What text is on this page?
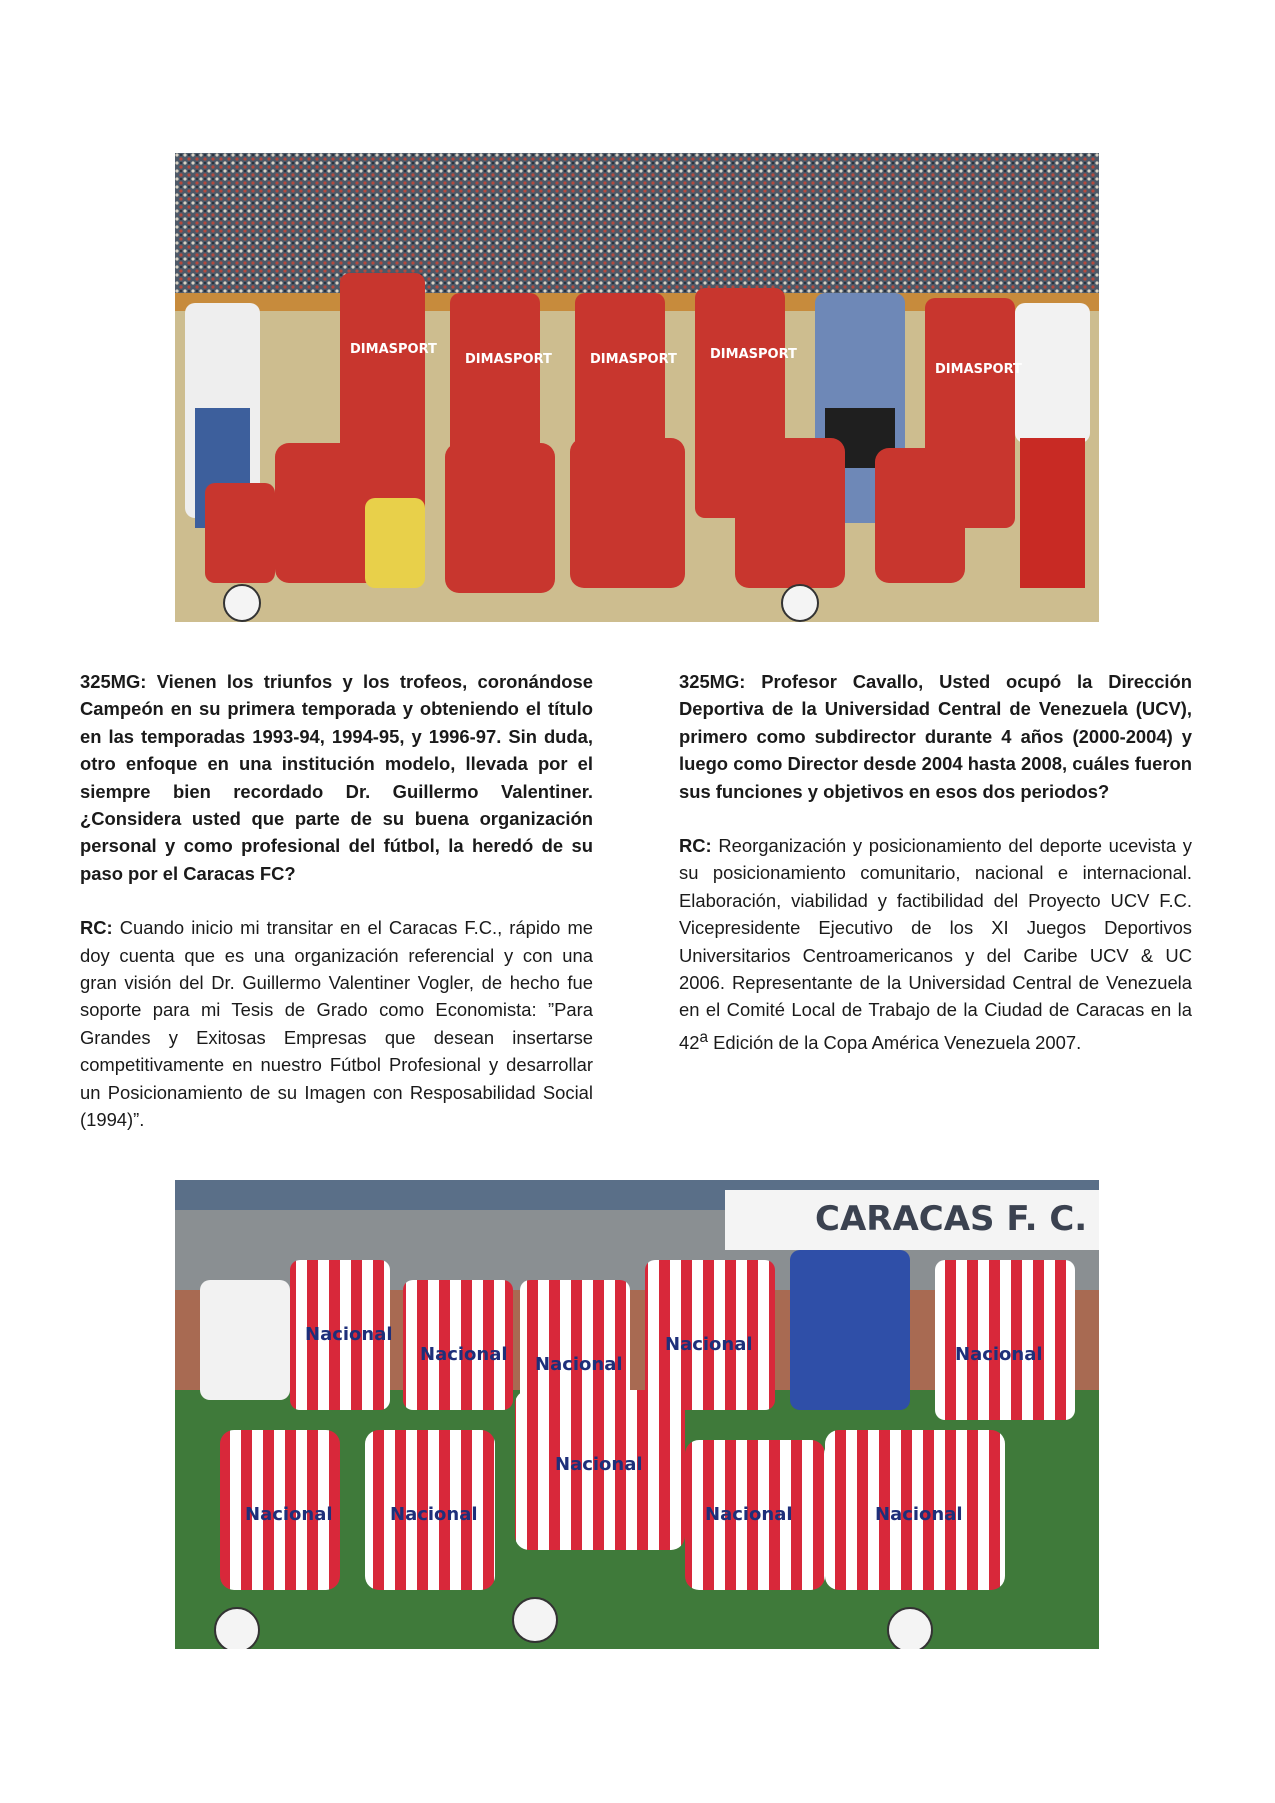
DIMASPORT
DIMASPORT	DIMASPORT	DIMASPORT
DIMASPORT

325MG: Vienen los triunfos y los trofeos, coronándose Campeón en su primera temporada y obteniendo el título en las temporadas 1993-94, 1994-95, y 1996-97. Sin duda, otro enfoque en una institución modelo, llevada por el siempre bien recordado Dr. Guillermo Valentiner. ¿Considera usted que parte de su buena organización personal y como profesional del fútbol, la heredó de su paso por el Caracas FC?

RC: Cuando inicio mi transitar en el Caracas F.C., rápido me doy cuenta que es una organización referencial y con una gran visión del Dr. Guillermo Valentiner Vogler, de hecho fue soporte para mi Tesis de Grado como Economista: ”Para Grandes y Exitosas Empresas que desean insertarse competitivamente en nuestro Fútbol Profesional y desarrollar un Posicionamiento de su Imagen con Resposabilidad Social (1994)”.

325MG: Profesor Cavallo, Usted ocupó la Dirección Deportiva de la Universidad Central de Venezuela (UCV), primero como subdirector durante 4 años (2000-2004) y luego como Director desde 2004 hasta 2008, cuáles fueron sus funciones y objetivos en esos dos periodos?

RC: Reorganización y posicionamiento del deporte ucevista y su posicionamiento comunitario, nacional e internacional. Elaboración, viabilidad y factibilidad del Proyecto UCV F.C. Vicepresidente Ejecutivo de los XI Juegos Deportivos Universitarios Centroamericanos y del Caribe UCV & UC 2006. Representante de la Universidad Central de Venezuela en el Comité Local de Trabajo de la Ciudad de Caracas en la 42$^a$ Edición de la Copa América Venezuela 2007.

CARACAS F. C.
Nacional
Nacional Nacional
Nacional	Nacional
Nacional	Nacional
Nacional
Nacional	Nacional
